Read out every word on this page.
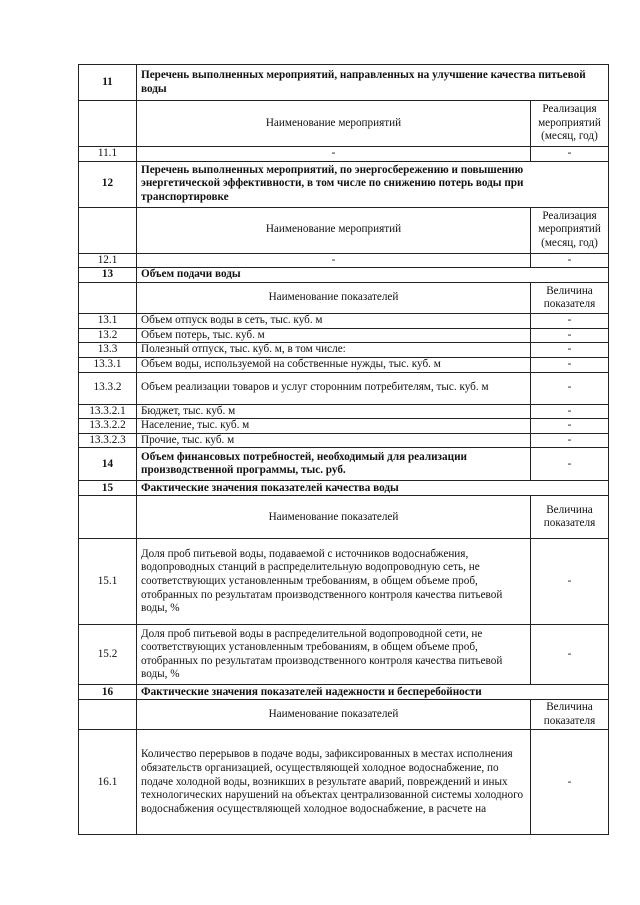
11	Перечень выполненных мероприятий, направленных на улучшение качества питьевой воды	
	Наименование мероприятий	Реализация мероприятий (месяц, год)
11.1	-	-
12	Перечень выполненных мероприятий, по энергосбережению и повышению энергетической эффективности, в том числе по снижению потерь воды при транспортировке	
	Наименование мероприятий	Реализация мероприятий (месяц, год)
12.1	-	-
13	Объем подачи воды	
	Наименование показателей	Величина показателя
13.1	Объем отпуск воды в сеть, тыс. куб. м	-
13.2	Объем потерь, тыс. куб. м	-
13.3	Полезный отпуск, тыс. куб. м, в том числе:	-
13.3.1	Объем воды, используемой на собственные нужды, тыс. куб. м	-
13.3.2	Объем реализации товаров и услуг сторонним потребителям, тыс. куб. м	-
13.3.2.1	Бюджет, тыс. куб. м	-
13.3.2.2	Население, тыс. куб. м	-
13.3.2.3	Прочие, тыс. куб. м	-
14	Объем финансовых потребностей, необходимый для реализации производственной программы, тыс. руб.	-
15	Фактические значения показателей качества воды	
	Наименование показателей	Величина показателя
15.1	Доля проб питьевой воды, подаваемой с источников водоснабжения, водопроводных станций в распределительную водопроводную сеть, не соответствующих установленным требованиям, в общем объеме проб, отобранных по результатам производственного контроля качества питьевой воды, %	-
15.2	Доля проб питьевой воды в распределительной водопроводной сети, не соответствующих установленным требованиям, в общем объеме проб, отобранных по результатам производственного контроля качества питьевой воды, %	-
16	Фактические значения показателей надежности и бесперебойности	
	Наименование показателей	Величина показателя
16.1	Количество перерывов в подаче воды, зафиксированных в местах исполнения обязательств организацией, осуществляющей холодное водоснабжение, по подаче холодной воды, возникших в результате аварий, повреждений и иных технологических нарушений на объектах централизованной системы холодного водоснабжения осуществляющей холодное водоснабжение, в расчете на	-
